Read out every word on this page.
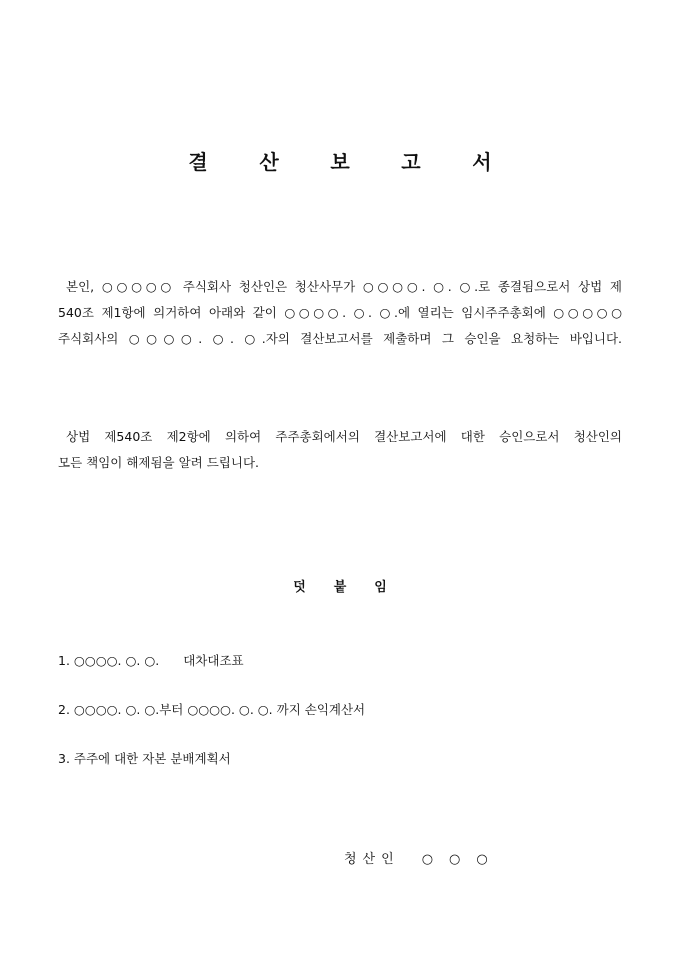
결	산	보	고	서
본인, ○○○○○ 주식회사 청산인은 청산사무가 ○○○○. ○. ○.로 종결됨으로서 상법 제
540조 제1항에 의거하여 아래와 같이 ○○○○. ○. ○.에 열리는 임시주주총회에 ○○○○○
주식회사의 ○○○○. ○. ○.자의 결산보고서를 제출하며 그 승인을 요청하는 바입니다.
상법 제540조 제2항에 의하여 주주총회에서의 결산보고서에 대한 승인으로서 청산인의
모든 책임이 해제됨을 알려 드립니다.
덧 붙 임
1. ○○○○. ○. ○. 대차대조표
2. ○○○○. ○. ○.부터 ○○○○. ○. ○. 까지 손익계산서
3. 주주에 대한 자본 분배계획서
청산인 ○○○
